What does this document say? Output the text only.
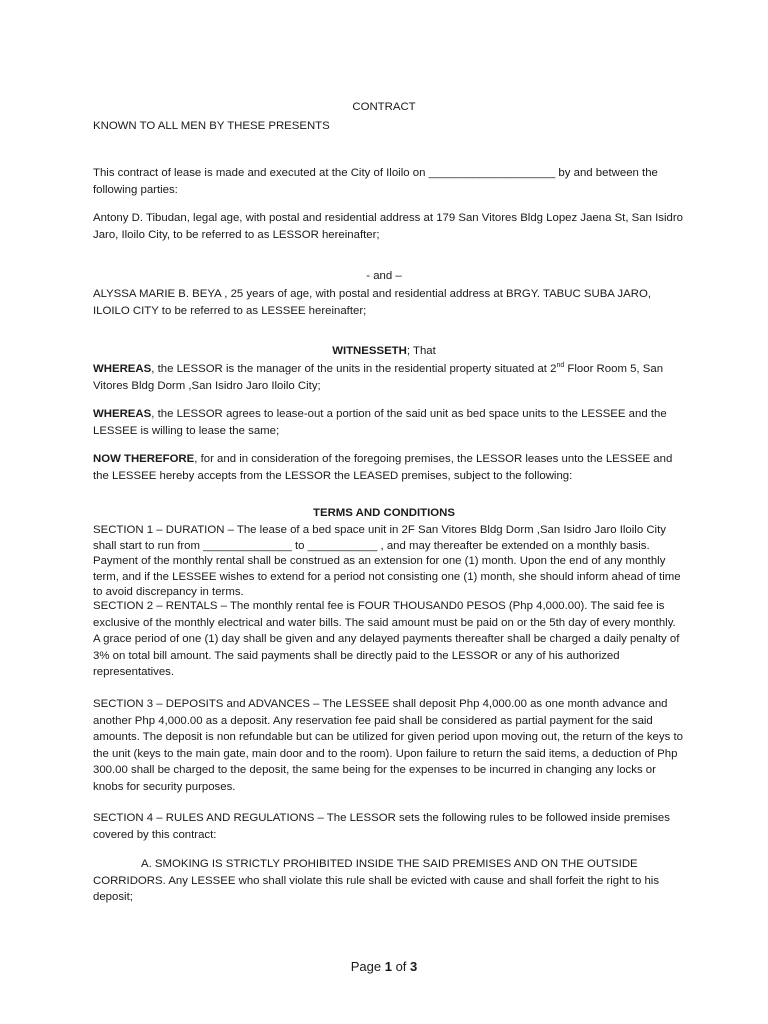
CONTRACT

KNOWN TO ALL MEN BY THESE PRESENTS

This contract of lease is made and executed at the City of Iloilo on ____________________ by and between the following parties:

Antony D. Tibudan, legal age, with postal and residential address at 179 San Vitores Bldg Lopez Jaena St, San Isidro Jaro, Iloilo City, to be referred to as LESSOR hereinafter;

- and –

ALYSSA MARIE B. BEYA , 25 years of age, with postal and residential address at BRGY. TABUC SUBA JARO, ILOILO CITY to be referred to as LESSEE hereinafter;

WITNESSETH; That

WHEREAS, the LESSOR is the manager of the units in the residential property situated at 2nd Floor Room 5, San Vitores Bldg Dorm ,San Isidro Jaro Iloilo City;

WHEREAS, the LESSOR agrees to lease-out a portion of the said unit as bed space units to the LESSEE and the LESSEE is willing to lease the same;

NOW THEREFORE, for and in consideration of the foregoing premises, the LESSOR leases unto the LESSEE and the LESSEE hereby accepts from the LESSOR the LEASED premises, subject to the following:

TERMS AND CONDITIONS

SECTION 1 – DURATION – The lease of a bed space unit in 2F San Vitores Bldg Dorm ,San Isidro Jaro Iloilo City shall start to run from ______________ to ___________ , and may thereafter be extended on a monthly basis. Payment of the monthly rental shall be construed as an extension for one (1) month. Upon the end of any monthly term, and if the LESSEE wishes to extend for a period not consisting one (1) month, she should inform ahead of time to avoid discrepancy in terms.

SECTION 2 – RENTALS – The monthly rental fee is FOUR THOUSAND0 PESOS (Php 4,000.00). The said fee is exclusive of the monthly electrical and water bills. The said amount must be paid on or the 5th day of every monthly. A grace period of one (1) day shall be given and any delayed payments thereafter shall be charged a daily penalty of 3% on total bill amount. The said payments shall be directly paid to the LESSOR or any of his authorized representatives.

SECTION 3 – DEPOSITS and ADVANCES – The LESSEE shall deposit Php 4,000.00 as one month advance and another Php 4,000.00 as a deposit. Any reservation fee paid shall be considered as partial payment for the said amounts. The deposit is non refundable but can be utilized for given period upon moving out, the return of the keys to the unit (keys to the main gate, main door and to the room). Upon failure to return the said items, a deduction of Php 300.00 shall be charged to the deposit, the same being for the expenses to be incurred in changing any locks or knobs for security purposes.

SECTION 4 – RULES AND REGULATIONS – The LESSOR sets the following rules to be followed inside premises covered by this contract:

A. SMOKING IS STRICTLY PROHIBITED INSIDE THE SAID PREMISES AND ON THE OUTSIDE CORRIDORS. Any LESSEE who shall violate this rule shall be evicted with cause and shall forfeit the right to his deposit;

Page 1 of 3
